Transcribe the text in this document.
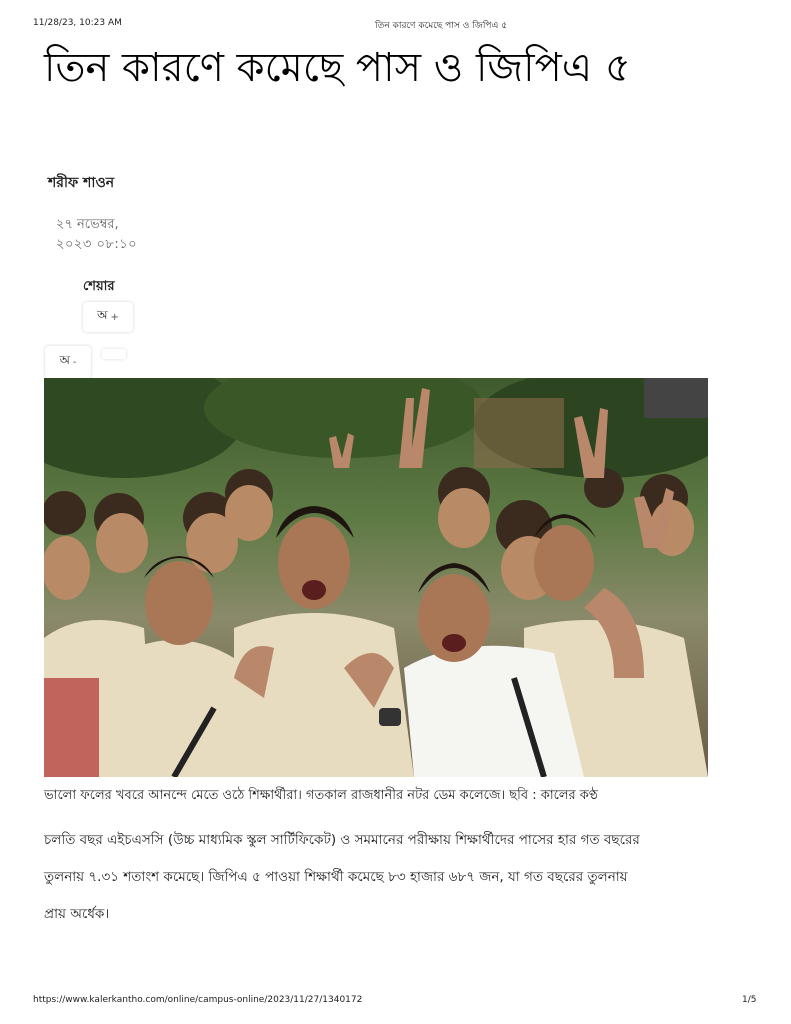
11/28/23, 10:23 AM	তিন কারণে কমেছে পাস ও জিপিএ ৫
তিন কারণে কমেছে পাস ও জিপিএ ৫
শরীফ শাওন
২৭ নভেম্বর,
২০২৩ ০৮:১০
শেয়ার
অ +
অ -
ভালো ফলের খবরে আনন্দে মেতে ওঠে শিক্ষার্থীরা। গতকাল রাজধানীর নটর ডেম কলেজে। ছবি : কালের কণ্ঠ
চলতি বছর এইচএসসি (উচ্চ মাধ্যমিক স্কুল সার্টিফিকেট) ও সমমানের পরীক্ষায় শিক্ষার্থীদের পাসের হার গত বছরের
তুলনায় ৭.৩১ শতাংশ কমেছে। জিপিএ ৫ পাওয়া শিক্ষার্থী কমেছে ৮৩ হাজার ৬৮৭ জন, যা গত বছরের তুলনায়
প্রায় অর্ধেক।
https://www.kalerkantho.com/online/campus-online/2023/11/27/1340172	1/5
